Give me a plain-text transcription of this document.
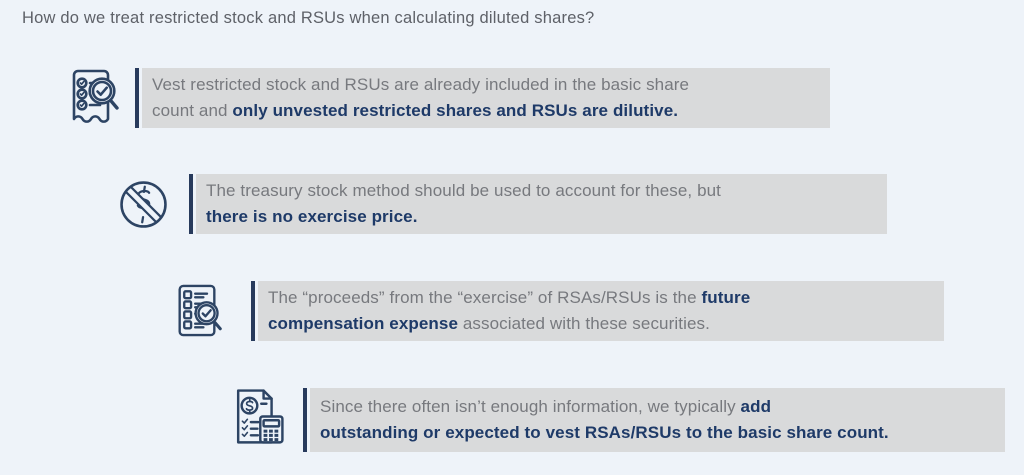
How do we treat restricted stock and RSUs when calculating diluted shares?
Vest restricted stock and RSUs are already included in the basic share
count and only unvested restricted shares and RSUs are dilutive.
The treasury stock method should be used to account for these, but
there is no exercise price.
The “proceeds” from the “exercise” of RSAs/RSUs is the future
compensation expense associated with these securities.
Since there often isn’t enough information, we typically add
outstanding or expected to vest RSAs/RSUs to the basic share count.
